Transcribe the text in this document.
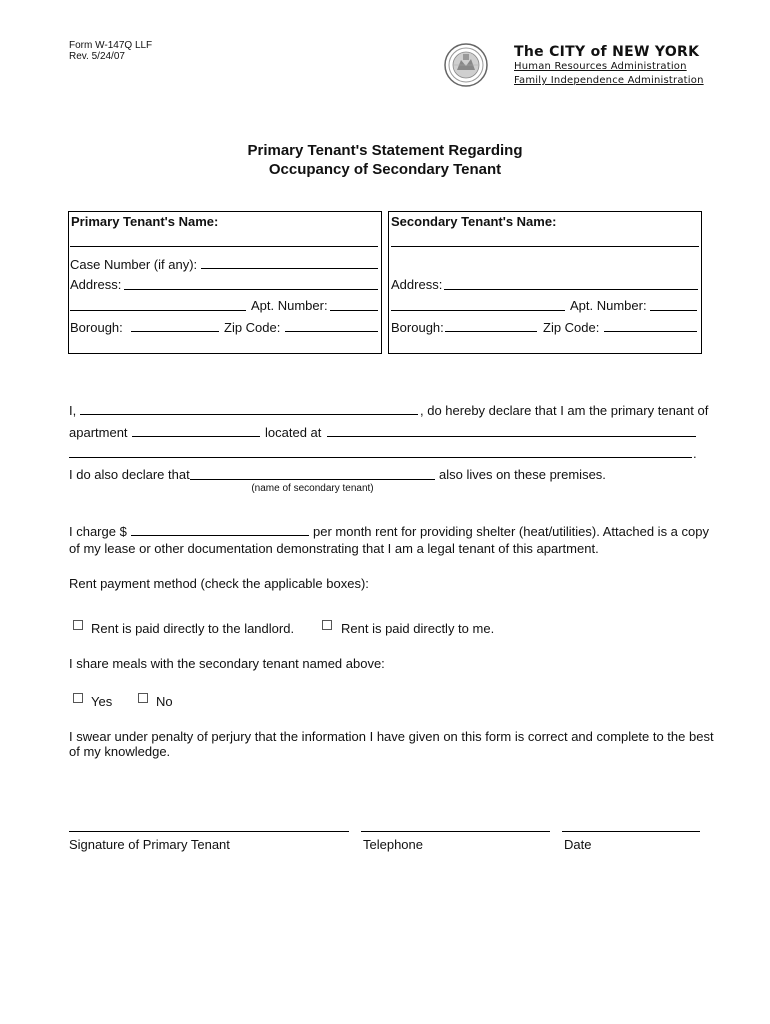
Form W-147Q LLF
Rev. 5/24/07	The CITY of NEW YORK
Human Resources Administration
Family Independence Administration
Primary Tenant's Statement Regarding
Occupancy of Secondary Tenant
Primary Tenant's Name:
Case Number (if any):
Address:
Apt. Number:
Borough:	Zip Code:
Secondary Tenant's Name:
Address:
Apt. Number:
Borough:	Zip Code:
I,	, do hereby declare that I am the primary tenant of
apartment	located at
.
I do also declare that	also lives on these premises.
(name of secondary tenant)
I charge $	per month rent for providing shelter (heat/utilities). Attached is a copy
of my lease or other documentation demonstrating that I am a legal tenant of this apartment.
Rent payment method (check the applicable boxes):
Rent is paid directly to the landlord.	Rent is paid directly to me.
I share meals with the secondary tenant named above:
Yes	No
I swear under penalty of perjury that the information I have given on this form is correct and complete to the best
of my knowledge.
Signature of Primary Tenant	Telephone	Date
